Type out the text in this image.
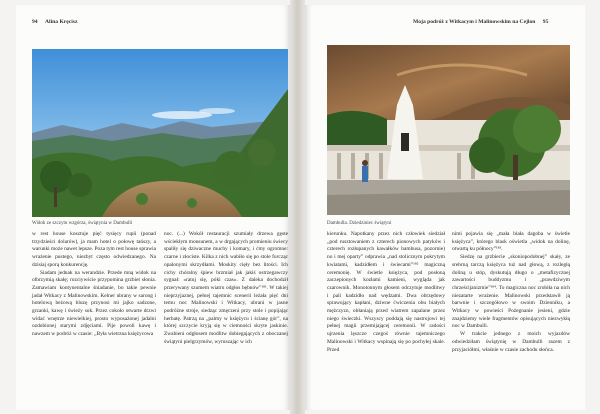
94 Alina Kręcisz
Widok ze szczytu wzgórza, świątynia w Dambulli

w rest house kosztuje pięć tysięcy rupii (ponad trzydzieści dolarów), ja mam hotel o połowę tańszy, a warunki może nawet lepsze. Poza tym rest house sprawia wrażenie pustego, niezbyt często odwiedzanego. Na dzisiaj sporą konkurencję.

Siadam jednak na werandzie. Przede mną widok na olbrzymią skałę; rozciywście przypomina grzbiet słonia. Zamawiam kontynentalne śniadanie, bo takie pewnie jadał Witkacy z Malinowskim. Kelner ubrany w sarong i hotelową beżową bluzę przynosi mi jajko sadzone, grzanki, kawę i świeży sok. Przez cokoło otwarte drzwi widać wnętrze niewielkiej, prosto wyposażonej jadalni ozdobionej starymi zdjęciami. Pije powoli kawę i nawzem w podróż w czasie: „Była wietrzna księżycowa

noc. (...) Wokół restauracji szumiały drzewa gęste wściekłym monsunem, a w drgających promieniu świecy spaliły się dziwaczne muchy i komary, i ćmy ogromne: czarne i złociste. Kilka z nich wabiło się po stole furcząc opalonymi skrzydłami. Moskity cięły bez litości. Ich cichy chóralny śpiew brzmiał jak jakiś ostrzegawczy sygnał: «ratuj się, póki czas». Z daleka dochodził przerywany szumem wiatru odgłos bębnów”¹⁸¹. W takiej nieprzyjaznej, pełnej tajemnic scenerii leżała pięć dni temu noc Malinowski i Witkacy, ubrani w jasne podróżne stroje, siedząc zmęczeni przy stole i popijając herbatę. Patrzą na „palmy w księżycu i ścianę gór”, na której szczycie kryją się w ciemności skryte jaskinie. Zwabieni odgłosem modlitw dobiegających z oboczanej świątyni pielgrzymów, wyruszając w ich

Moja podróż z Witkacym i Malinowskim na Cejlon 95
Dambulla. Dziedziniec świątyni

kierunku. Napotkany przez nich człowiek siedział „pod rusztowaniem z czterech pionowych patyków i czterech rozłupanych kawałków bambusa, pozornie) no i mej oparty” odprawia „nad stolicznym pokrytym kwiatami, kadzidłem i świecami”¹⁸² magiczną ceremonię. W świetle księżyca, pod posłoną zaczepionych kozłami kamieni, wygląda jak czarownik. Monotonnym głosem odczytuje modlitwy i pali kadzidło nad wędzami. Dwa obrzędowy sprawujący kapłani, dziwne ćwiczenia obu białych mężczyzn, obłaniają przed wiatrem zapalane przez niego świeczki. Wszyscy poddają się nastrojowi tej pełnej magii przemijającej ceremonii. W radości ujrzenia lęszcze czegoś równie tajemniczego Malinowski i Witkacy wspinają się po pochyłej skale. Przed

nimi pojawia się „mała biała dagoba w świetle księżyca”, którego blask oświetla „widok na dolinę, otwartą ku północy”¹⁸³.

Siedzę na grzbiecie „skoniopodobnej” skały, ze srebrną tarczą księżyca tuż nad głową, z rozległą doliną u stóp, dyskutują długo o „metafizycznej zawartości buddyzmu i „prawdziwym chrześcijanizmie”¹⁸⁴. To magiczna noc zrobiła na nich niezatarte wrażenie. Malinowski przedstawił ją barwnie i szczegółowo w swoim Dzienniku, a Witkacy w powieści Pożegnanie jesieni, gdzie znajdziemy wiele fragmentów opisujących niezwykłą noc w Dambulli.

W trakcie jednego z moich wyjazdów odwiedziłam świątynię w Dambulli razem z przyjaciółmi, właśnie w czasie zachodu słońca.
